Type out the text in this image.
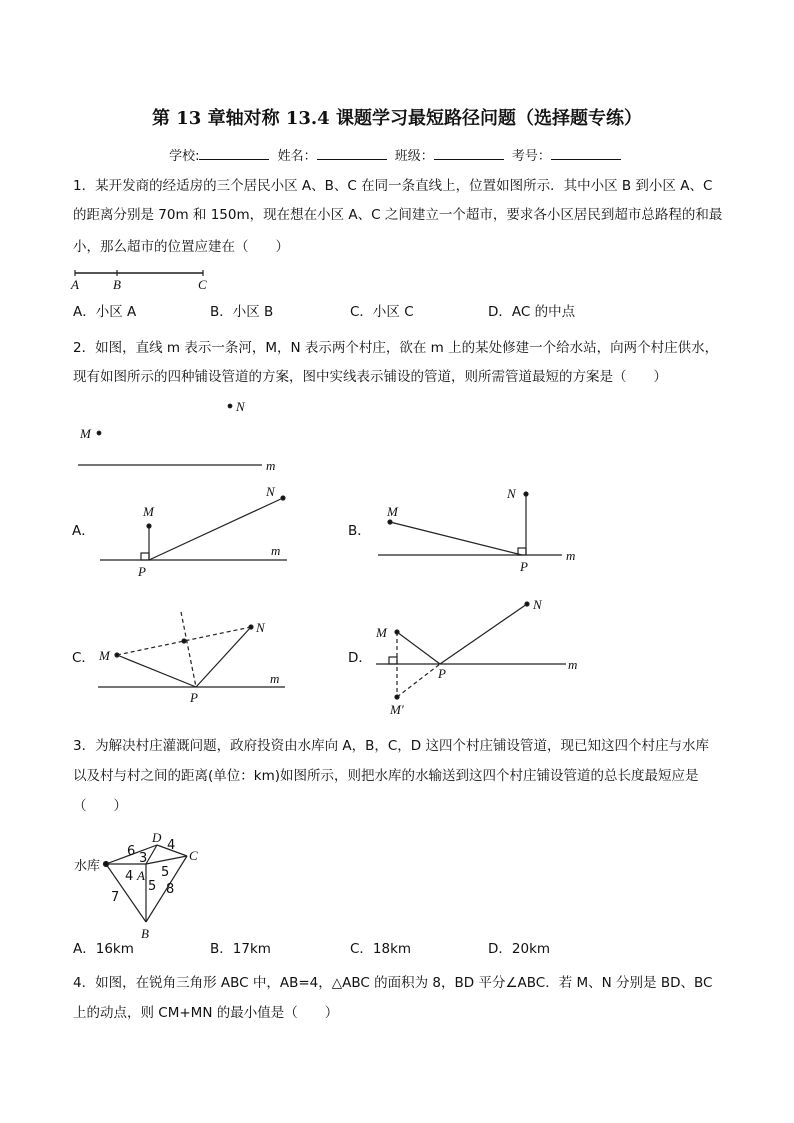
第 13 章轴对称 13.4 课题学习最短路径问题（选择题专练）
学校:	姓名：	班级：	考号：
1．某开发商的经适房的三个居民小区 A、B、C 在同一条直线上，位置如图所示．其中小区 B 到小区 A、C
的距离分别是 70m 和 150m，现在想在小区 A、C 之间建立一个超市，要求各小区居民到超市总路程的和最
小，那么超市的位置应建在（　　）
A．小区 A	B．小区 B	C．小区 C	D．AC 的中点
2．如图，直线 m 表示一条河，M，N 表示两个村庄，欲在 m 上的某处修建一个给水站，向两个村庄供水，
现有如图所示的四种铺设管道的方案，图中实线表示铺设的管道，则所需管道最短的方案是（　　）
A．	B．
C．	D．
3．为解决村庄灌溉问题，政府投资由水库向 A，B，C，D 这四个村庄铺设管道，现已知这四个村庄与水库
以及村与村之间的距离(单位：km)如图所示，则把水库的水输送到这四个村庄铺设管道的总长度最短应是
（　　）
A．16km	B．17km	C．18km	D．20km
4．如图，在锐角三角形 ABC 中，AB=4，△ABC 的面积为 8，BD 平分∠ABC．若 M、N 分别是 BD、BC
上的动点，则 CM+MN 的最小值是（　　）
A	B	C
N
M
m
M
N
P
m
M
N
P
m
M
N
P
m
M
N
P
m
M′
水库
D
C
A
B
6 4
3
4 5
5
7
8
